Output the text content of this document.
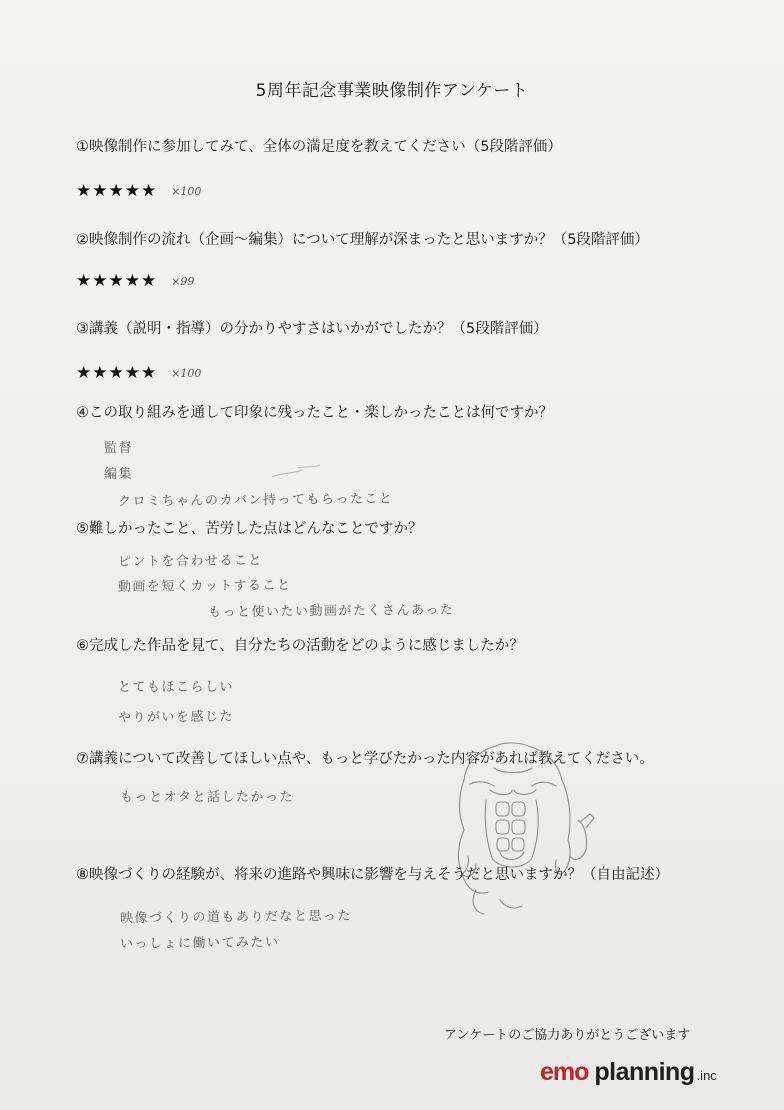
5周年記念事業映像制作アンケート
①映像制作に参加してみて、全体の満足度を教えてください（5段階評価）
★★★★★ ×100
②映像制作の流れ（企画〜編集）について理解が深まったと思いますか？（5段階評価）
★★★★★ ×99
③講義（説明・指導）の分かりやすさはいかがでしたか？（5段階評価）
★★★★★ ×100
④この取り組みを通して印象に残ったこと・楽しかったことは何ですか？
監督
編集
クロミちゃんのカバン持ってもらったこと
⑤難しかったこと、苦労した点はどんなことですか？
ピントを合わせること
動画を短くカットすること
もっと使いたい動画がたくさんあった
⑥完成した作品を見て、自分たちの活動をどのように感じましたか？
とてもほこらしい
やりがいを感じた
⑦講義について改善してほしい点や、もっと学びたかった内容があれば教えてください。
もっとオタと話したかった
⑧映像づくりの経験が、将来の進路や興味に影響を与えそうだと思いますか？（自由記述）
映像づくりの道もありだなと思った
いっしょに働いてみたい
アンケートのご協力ありがとうございます
emo planning .inc
